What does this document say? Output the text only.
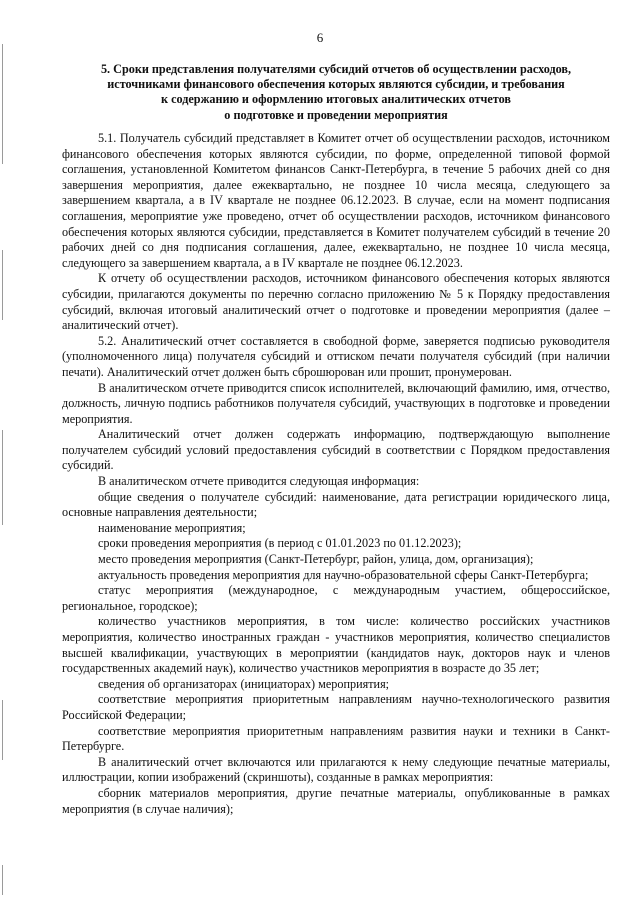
6
5. Сроки представления получателями субсидий отчетов об осуществлении расходов,
источниками финансового обеспечения которых являются субсидии, и требования
к содержанию и оформлению итоговых аналитических отчетов
о подготовке и проведении мероприятия

5.1. Получатель субсидий представляет в Комитет отчет об осуществлении расходов, источником финансового обеспечения которых являются субсидии, по форме, определенной типовой формой соглашения, установленной Комитетом финансов Санкт-Петербурга, в течение 5 рабочих дней со дня завершения мероприятия, далее ежеквартально, не позднее 10 числа месяца, следующего за завершением квартала, а в IV квартале не позднее 06.12.2023. В случае, если на момент подписания соглашения, мероприятие уже проведено, отчет об осуществлении расходов, источником финансового обеспечения которых являются субсидии, представляется в Комитет получателем субсидий в течение 20 рабочих дней со дня подписания соглашения, далее, ежеквартально, не позднее 10 числа месяца, следующего за завершением квартала, а в IV квартале не позднее 06.12.2023.

К отчету об осуществлении расходов, источником финансового обеспечения которых являются субсидии, прилагаются документы по перечню согласно приложению № 5 к Порядку предоставления субсидий, включая итоговый аналитический отчет о подготовке и проведении мероприятия (далее – аналитический отчет).

5.2. Аналитический отчет составляется в свободной форме, заверяется подписью руководителя (уполномоченного лица) получателя субсидий и оттиском печати получателя субсидий (при наличии печати). Аналитический отчет должен быть сброшюрован или прошит, пронумерован.

В аналитическом отчете приводится список исполнителей, включающий фамилию, имя, отчество, должность, личную подпись работников получателя субсидий, участвующих в подготовке и проведении мероприятия.

Аналитический отчет должен содержать информацию, подтверждающую выполнение получателем субсидий условий предоставления субсидий в соответствии с Порядком предоставления субсидий.

В аналитическом отчете приводится следующая информация:

общие сведения о получателе субсидий: наименование, дата регистрации юридического лица, основные направления деятельности;

наименование мероприятия;

сроки проведения мероприятия (в период с 01.01.2023 по 01.12.2023);

место проведения мероприятия (Санкт-Петербург, район, улица, дом, организация);

актуальность проведения мероприятия для научно-образовательной сферы Санкт-Петербурга;

статус мероприятия (международное, с международным участием, общероссийское, региональное, городское);

количество участников мероприятия, в том числе: количество российских участников мероприятия, количество иностранных граждан - участников мероприятия, количество специалистов высшей квалификации, участвующих в мероприятии (кандидатов наук, докторов наук и членов государственных академий наук), количество участников мероприятия в возрасте до 35 лет;

сведения об организаторах (инициаторах) мероприятия;

соответствие мероприятия приоритетным направлениям научно-технологического развития Российской Федерации;

соответствие мероприятия приоритетным направлениям развития науки и техники в Санкт-Петербурге.

В аналитический отчет включаются или прилагаются к нему следующие печатные материалы, иллюстрации, копии изображений (скриншоты), созданные в рамках мероприятия:

сборник материалов мероприятия, другие печатные материалы, опубликованные в рамках мероприятия (в случае наличия);
